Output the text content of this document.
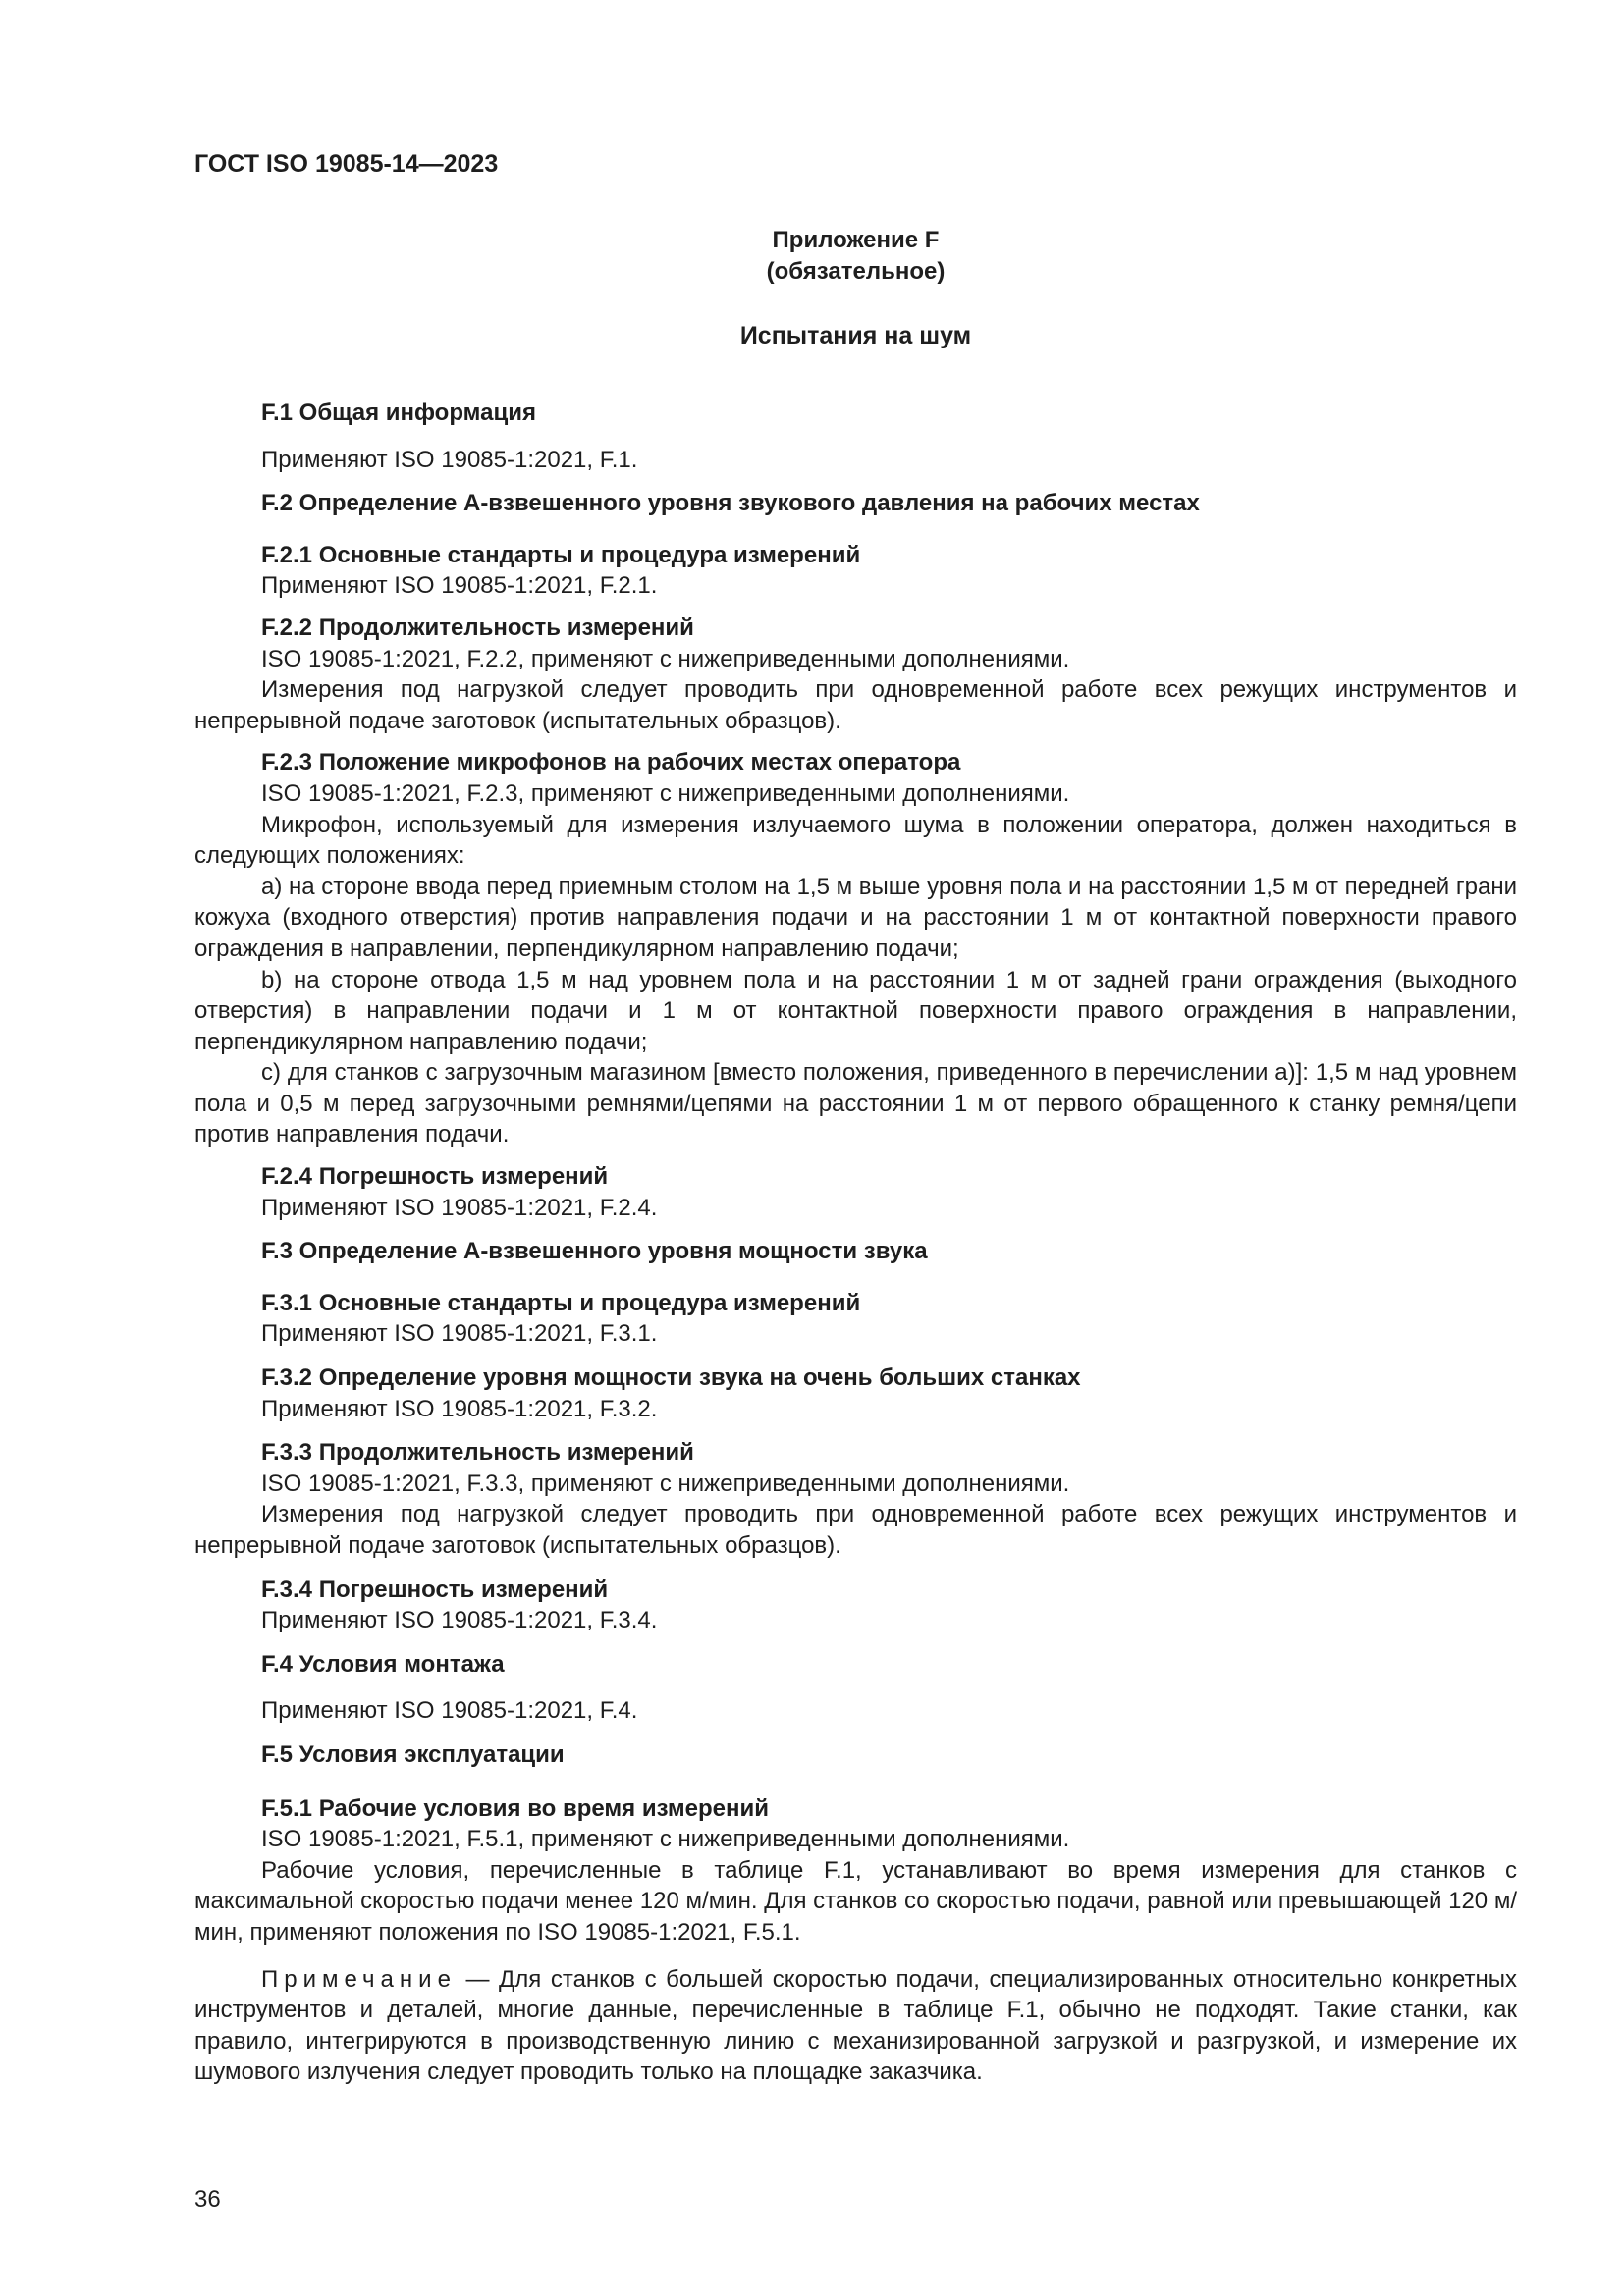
ГОСТ ISO 19085-14—2023
Приложение F
(обязательное)
Испытания на шум
F.1 Общая информация
Применяют ISO 19085-1:2021, F.1.
F.2 Определение А-взвешенного уровня звукового давления на рабочих местах
F.2.1 Основные стандарты и процедура измерений
Применяют ISO 19085-1:2021, F.2.1.
F.2.2 Продолжительность измерений
ISO 19085-1:2021, F.2.2, применяют с нижеприведенными дополнениями.
Измерения под нагрузкой следует проводить при одновременной работе всех режущих инструментов и непрерывной подаче заготовок (испытательных образцов).
F.2.3 Положение микрофонов на рабочих местах оператора
ISO 19085-1:2021, F.2.3, применяют с нижеприведенными дополнениями.
Микрофон, используемый для измерения излучаемого шума в положении оператора, должен находиться в следующих положениях:
а) на стороне ввода перед приемным столом на 1,5 м выше уровня пола и на расстоянии 1,5 м от передней грани кожуха (входного отверстия) против направления подачи и на расстоянии 1 м от контактной поверхности правого ограждения в направлении, перпендикулярном направлению подачи;
b) на стороне отвода 1,5 м над уровнем пола и на расстоянии 1 м от задней грани ограждения (выходного отверстия) в направлении подачи и 1 м от контактной поверхности правого ограждения в направлении, перпендикулярном направлению подачи;
с) для станков с загрузочным магазином [вместо положения, приведенного в перечислении а)]: 1,5 м над уровнем пола и 0,5 м перед загрузочными ремнями/цепями на расстоянии 1 м от первого обращенного к станку ремня/цепи против направления подачи.
F.2.4 Погрешность измерений
Применяют ISO 19085-1:2021, F.2.4.
F.3 Определение А-взвешенного уровня мощности звука
F.3.1 Основные стандарты и процедура измерений
Применяют ISO 19085-1:2021, F.3.1.
F.3.2 Определение уровня мощности звука на очень больших станках
Применяют ISO 19085-1:2021, F.3.2.
F.3.3 Продолжительность измерений
ISO 19085-1:2021, F.3.3, применяют с нижеприведенными дополнениями.
Измерения под нагрузкой следует проводить при одновременной работе всех режущих инструментов и непрерывной подаче заготовок (испытательных образцов).
F.3.4 Погрешность измерений
Применяют ISO 19085-1:2021, F.3.4.
F.4 Условия монтажа
Применяют ISO 19085-1:2021, F.4.
F.5 Условия эксплуатации
F.5.1 Рабочие условия во время измерений
ISO 19085-1:2021, F.5.1, применяют с нижеприведенными дополнениями.
Рабочие условия, перечисленные в таблице F.1, устанавливают во время измерения для станков с максимальной скоростью подачи менее 120 м/мин. Для станков со скоростью подачи, равной или превышающей 120 м/мин, применяют положения по ISO 19085-1:2021, F.5.1.
Примечание — Для станков с большей скоростью подачи, специализированных относительно конкретных инструментов и деталей, многие данные, перечисленные в таблице F.1, обычно не подходят. Такие станки, как правило, интегрируются в производственную линию с механизированной загрузкой и разгрузкой, и измерение их шумового излучения следует проводить только на площадке заказчика.
36
